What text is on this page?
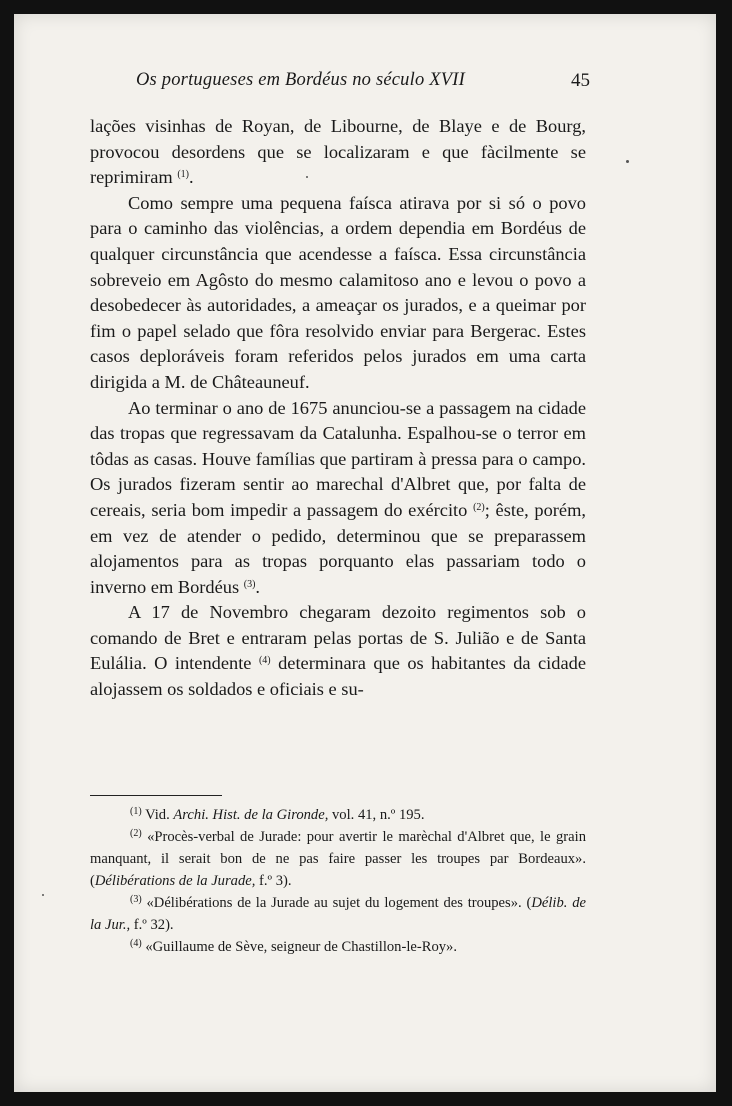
Os portugueses em Bordéus no século XVII	45

lações visinhas de Royan, de Libourne, de Blaye e de Bourg, provocou desordens que se localizaram e que fàcilmente se reprimiram $^{(1)}$.

Como sempre uma pequena faísca atirava por si só o povo para o caminho das violências, a ordem dependia em Bordéus de qualquer circunstância que acendesse a faísca. Essa circunstância sobreveio em Agôsto do mesmo calamitoso ano e levou o povo a desobedecer às autoridades, a ameaçar os jurados, e a queimar por fim o papel selado que fôra resolvido enviar para Bergerac. Estes casos deploráveis foram referidos pelos jurados em uma carta dirigida a M. de Châteauneuf.

Ao terminar o ano de 1675 anunciou-se a passagem na cidade das tropas que regressavam da Catalunha. Espalhou-se o terror em tôdas as casas. Houve famílias que partiram à pressa para o campo. Os jurados fizeram sentir ao marechal d'Albret que, por falta de cereais, seria bom impedir a passagem do exército $^{(2)}$; êste, porém, em vez de atender o pedido, determinou que se preparassem alojamentos para as tropas porquanto elas passariam todo o inverno em Bordéus $^{(3)}$.

A 17 de Novembro chegaram dezoito regimentos sob o comando de Bret e entraram pelas portas de S. Julião e de Santa Eulália. O intendente $^{(4)}$ determinara que os habitantes da cidade alojassem os soldados e oficiais e su-

$^{(1)}$ Vid. Archi. Hist. de la Gironde, vol. 41, n.º 195.

$^{(2)}$ «Procès-verbal de Jurade: pour avertir le marèchal d'Albret que, le grain manquant, il serait bon de ne pas faire passer les troupes par Bordeaux». (Délibérations de la Jurade, f.º 3).

$^{(3)}$ «Délibérations de la Jurade au sujet du logement des troupes». (Délib. de la Jur., f.º 32).

$^{(4)}$ «Guillaume de Sève, seigneur de Chastillon-le-Roy».
